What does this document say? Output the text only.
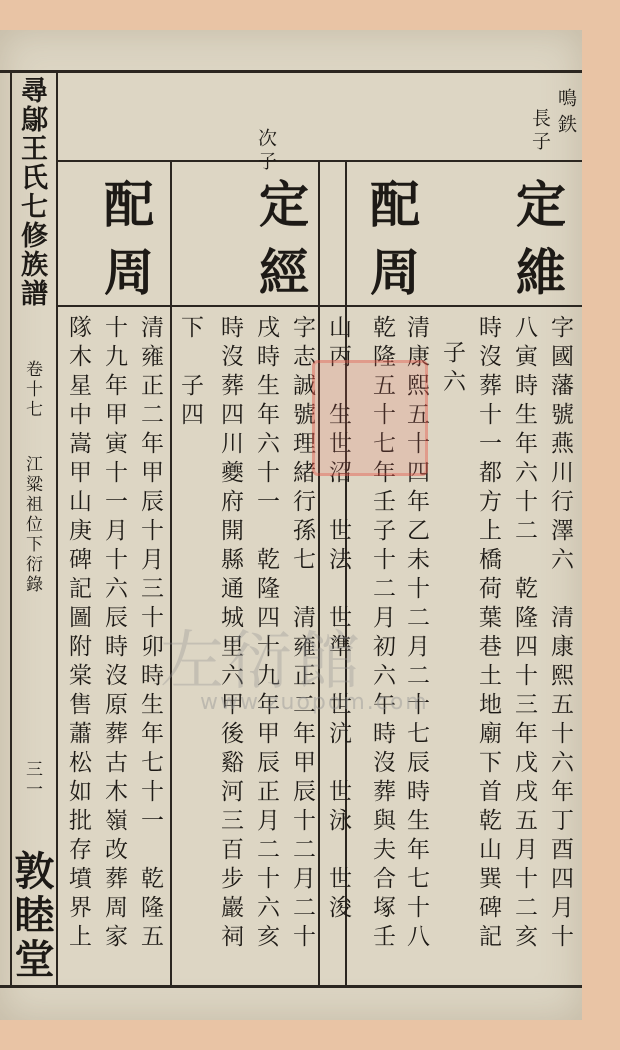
尋鄔王氏七修族譜
卷十七
江粱祖位下衍錄
三一
敦睦堂
鳴
鉄
長子
次子
定維
配周
定經
配周
字國藩號燕川行澤六　清康熙五十六年丁酉四月十
八寅時生年六十二　乾隆四十三年戊戌五月十二亥
時沒葬十一都方上橋荷葉巷土地廟下首乾山巽碑記
子六
清康熙五十四年乙未十二月二十七辰時生年七十八
乾隆五十七年壬子十二月初六午時沒葬與夫合塚壬
山丙　生世沼　世法　世準　世沆　世泳　世浚
字志誠號理緒行孫七　清雍正二年甲辰十二月二十
戌時生年六十一　乾隆四十九年甲辰正月二十六亥
時沒葬四川夔府開縣通城里六甲後谿河三百步巖祠
下　子四
清雍正二年甲辰十月三十卯時生年七十一　乾隆五
十九年甲寅十一月十六辰時沒原葬古木嶺改葬周家
隊木星中嵩甲山庚碑記圖附棠售蕭松如批存墳界上 左衍館
www.zuopom.com
